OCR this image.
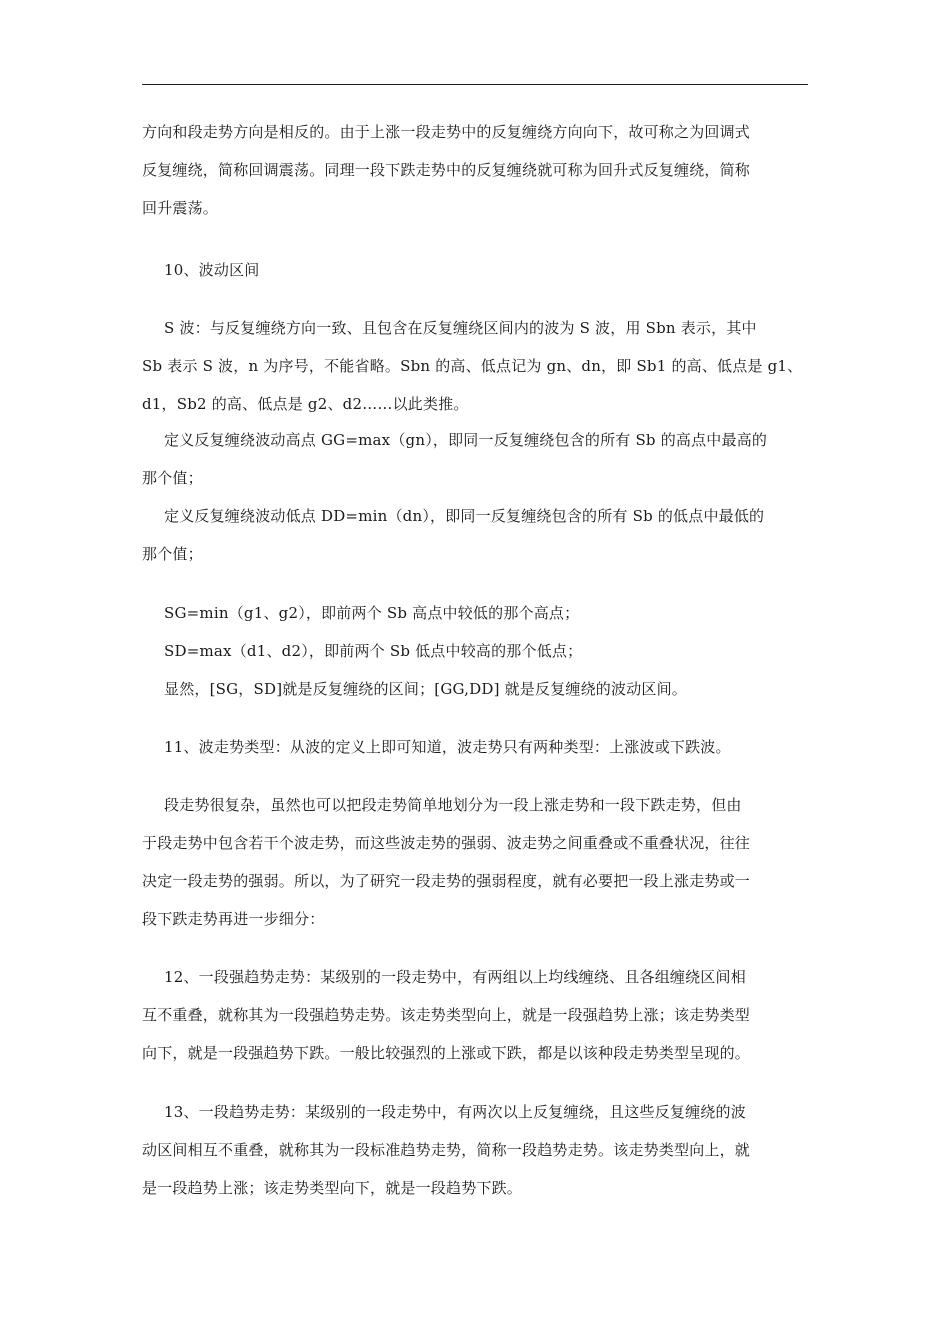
方向和段走势方向是相反的。由于上涨一段走势中的反复缠绕方向向下，故可称之为回调式
反复缠绕，简称回调震荡。同理一段下跌走势中的反复缠绕就可称为回升式反复缠绕，简称
回升震荡。
10、波动区间
S 波：与反复缠绕方向一致、且包含在反复缠绕区间内的波为 S 波，用 Sbn 表示，其中
Sb 表示 S 波，n 为序号，不能省略。Sbn 的高、低点记为 gn、dn，即 Sb1 的高、低点是 g1、
d1，Sb2 的高、低点是 g2、d2……以此类推。
定义反复缠绕波动高点 GG=max（gn），即同一反复缠绕包含的所有 Sb 的高点中最高的
那个值；
定义反复缠绕波动低点 DD=min（dn），即同一反复缠绕包含的所有 Sb 的低点中最低的
那个值；
SG=min（g1、g2），即前两个 Sb 高点中较低的那个高点；
SD=max（d1、d2），即前两个 Sb 低点中较高的那个低点；
显然，[SG，SD]就是反复缠绕的区间；[GG,DD] 就是反复缠绕的波动区间。
11、波走势类型：从波的定义上即可知道，波走势只有两种类型：上涨波或下跌波。
段走势很复杂，虽然也可以把段走势简单地划分为一段上涨走势和一段下跌走势，但由
于段走势中包含若干个波走势，而这些波走势的强弱、波走势之间重叠或不重叠状况，往往
决定一段走势的强弱。所以，为了研究一段走势的强弱程度，就有必要把一段上涨走势或一
段下跌走势再进一步细分：
12、一段强趋势走势：某级别的一段走势中，有两组以上均线缠绕、且各组缠绕区间相
互不重叠，就称其为一段强趋势走势。该走势类型向上，就是一段强趋势上涨；该走势类型
向下，就是一段强趋势下跌。一般比较强烈的上涨或下跌，都是以该种段走势类型呈现的。
13、一段趋势走势：某级别的一段走势中，有两次以上反复缠绕，且这些反复缠绕的波
动区间相互不重叠，就称其为一段标准趋势走势，简称一段趋势走势。该走势类型向上，就
是一段趋势上涨；该走势类型向下，就是一段趋势下跌。
